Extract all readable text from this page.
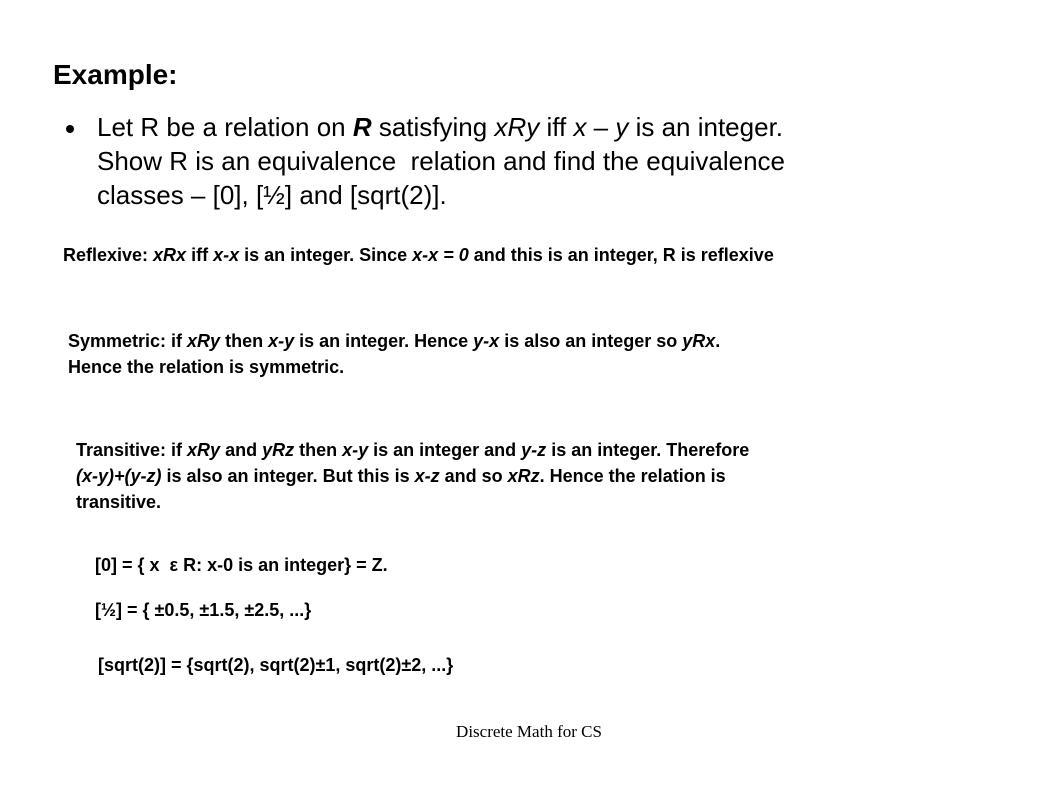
Example:
Let R be a relation on R satisfying xRy iff x – y is an integer.
Show R is an equivalence  relation and find the equivalence
classes – [0], [½] and [sqrt(2)].
Reflexive: xRx iff x-x is an integer. Since x-x = 0 and this is an integer, R is reflexive
Symmetric: if xRy then x-y is an integer. Hence y-x is also an integer so yRx.
Hence the relation is symmetric.
Transitive: if xRy and yRz then x-y is an integer and y-z is an integer. Therefore
(x-y)+(y-z) is also an integer. But this is x-z and so xRz. Hence the relation is
transitive.
[0] = { x  ε R: x-0 is an integer} = Z.
[½] = { ±0.5, ±1.5, ±2.5, ...}
[sqrt(2)] = {sqrt(2), sqrt(2)±1, sqrt(2)±2, ...}
Discrete Math for CS
